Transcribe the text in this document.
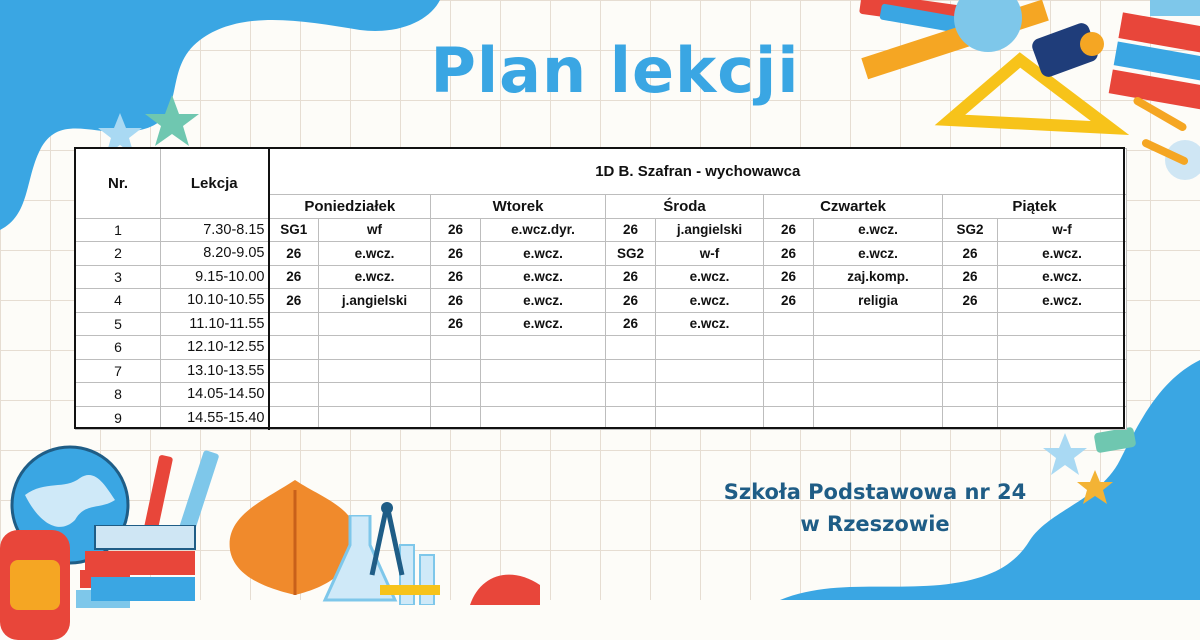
Plan lekcji
Nr.	Lekcja	1D B. Szafran - wychowawca									
		Poniedziałek		Wtorek		Środa		Czwartek		Piątek	
1	7.30-8.15	SG1	wf	26	e.wcz.dyr.	26	j.angielski	26	e.wcz.	SG2	w-f
2	8.20-9.05	26	e.wcz.	26	e.wcz.	SG2	w-f	26	e.wcz.	26	e.wcz.
3	9.15-10.00	26	e.wcz.	26	e.wcz.	26	e.wcz.	26	zaj.komp.	26	e.wcz.
4	10.10-10.55	26	j.angielski	26	e.wcz.	26	e.wcz.	26	religia	26	e.wcz.
5	11.10-11.55			26	e.wcz.	26	e.wcz.				
6	12.10-12.55										
7	13.10-13.55										
8	14.05-14.50										
9	14.55-15.40										
Szkoła Podstawowa nr 24
w Rzeszowie
